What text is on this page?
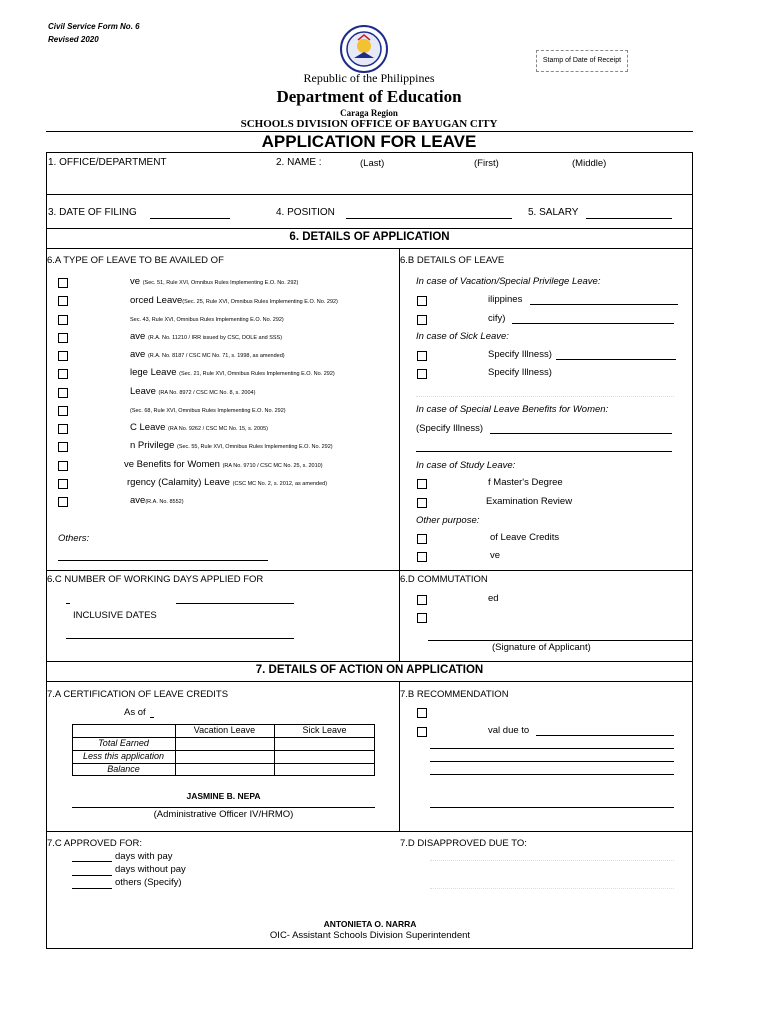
Civil Service Form No. 6
Revised 2020
Stamp of Date of Receipt
Republic of the Philippines
Department of Education
Caraga Region
SCHOOLS DIVISION OFFICE OF BAYUGAN CITY
APPLICATION FOR LEAVE
1. OFFICE/DEPARTMENT	2. NAME :	(Last)	(First)	(Middle)
3. DATE OF FILING	4. POSITION	5. SALARY
6. DETAILS OF APPLICATION
6.A TYPE OF LEAVE TO BE AVAILED OF
ve (Sec. 51, Rule XVI, Omnibus Rules Implementing E.O. No. 292)
orced Leave(Sec. 25, Rule XVI, Omnibus Rules Implementing E.O. No. 292)
Sec. 43, Rule XVI, Omnibus Rules Implementing E.O. No. 292)
ave (R.A. No. 11210 / IRR issued by CSC, DOLE and SSS)
ave (R.A. No. 8187 / CSC MC No. 71, s. 1998, as amended)
lege Leave (Sec. 21, Rule XVI, Omnibus Rules Implementing E.O. No. 292)
Leave (RA No. 8972 / CSC MC No. 8, s. 2004)
(Sec. 68, Rule XVI, Omnibus Rules Implementing E.O. No. 292)
C Leave (RA No. 9262 / CSC MC No. 15, s. 2005)
n Privilege (Sec. 55, Rule XVI, Omnibus Rules Implementing E.O. No. 292)
ve Benefits for Women (RA No. 9710 / CSC MC No. 25, s. 2010)
rgency (Calamity) Leave (CSC MC No. 2, s. 2012, as amended)
ave(R.A. No. 8552)
Others:
6.B DETAILS OF LEAVE
In case of Vacation/Special Privilege Leave:
ilippines
cify)
In case of Sick Leave:
Specify Illness)
Specify Illness)
In case of Special Leave Benefits for Women:
(Specify Illness)
In case of Study Leave:
f Master's Degree
Examination Review
Other purpose:
of Leave Credits
ve
6.C NUMBER OF WORKING DAYS APPLIED FOR
INCLUSIVE DATES
6.D COMMUTATION
ed
(Signature of Applicant)
7. DETAILS OF ACTION ON APPLICATION
7.A CERTIFICATION OF LEAVE CREDITS
As of
Vacation Leave	Sick Leave
Total Earned
Less this application
Balance
JASMINE B. NEPA
(Administrative Officer IV/HRMO)
7.B RECOMMENDATION
val due to
7.C APPROVED FOR:
days with pay
days without pay
others (Specify)
7.D DISAPPROVED DUE TO:
ANTONIETA O. NARRA
OIC- Assistant Schools Division Superintendent
